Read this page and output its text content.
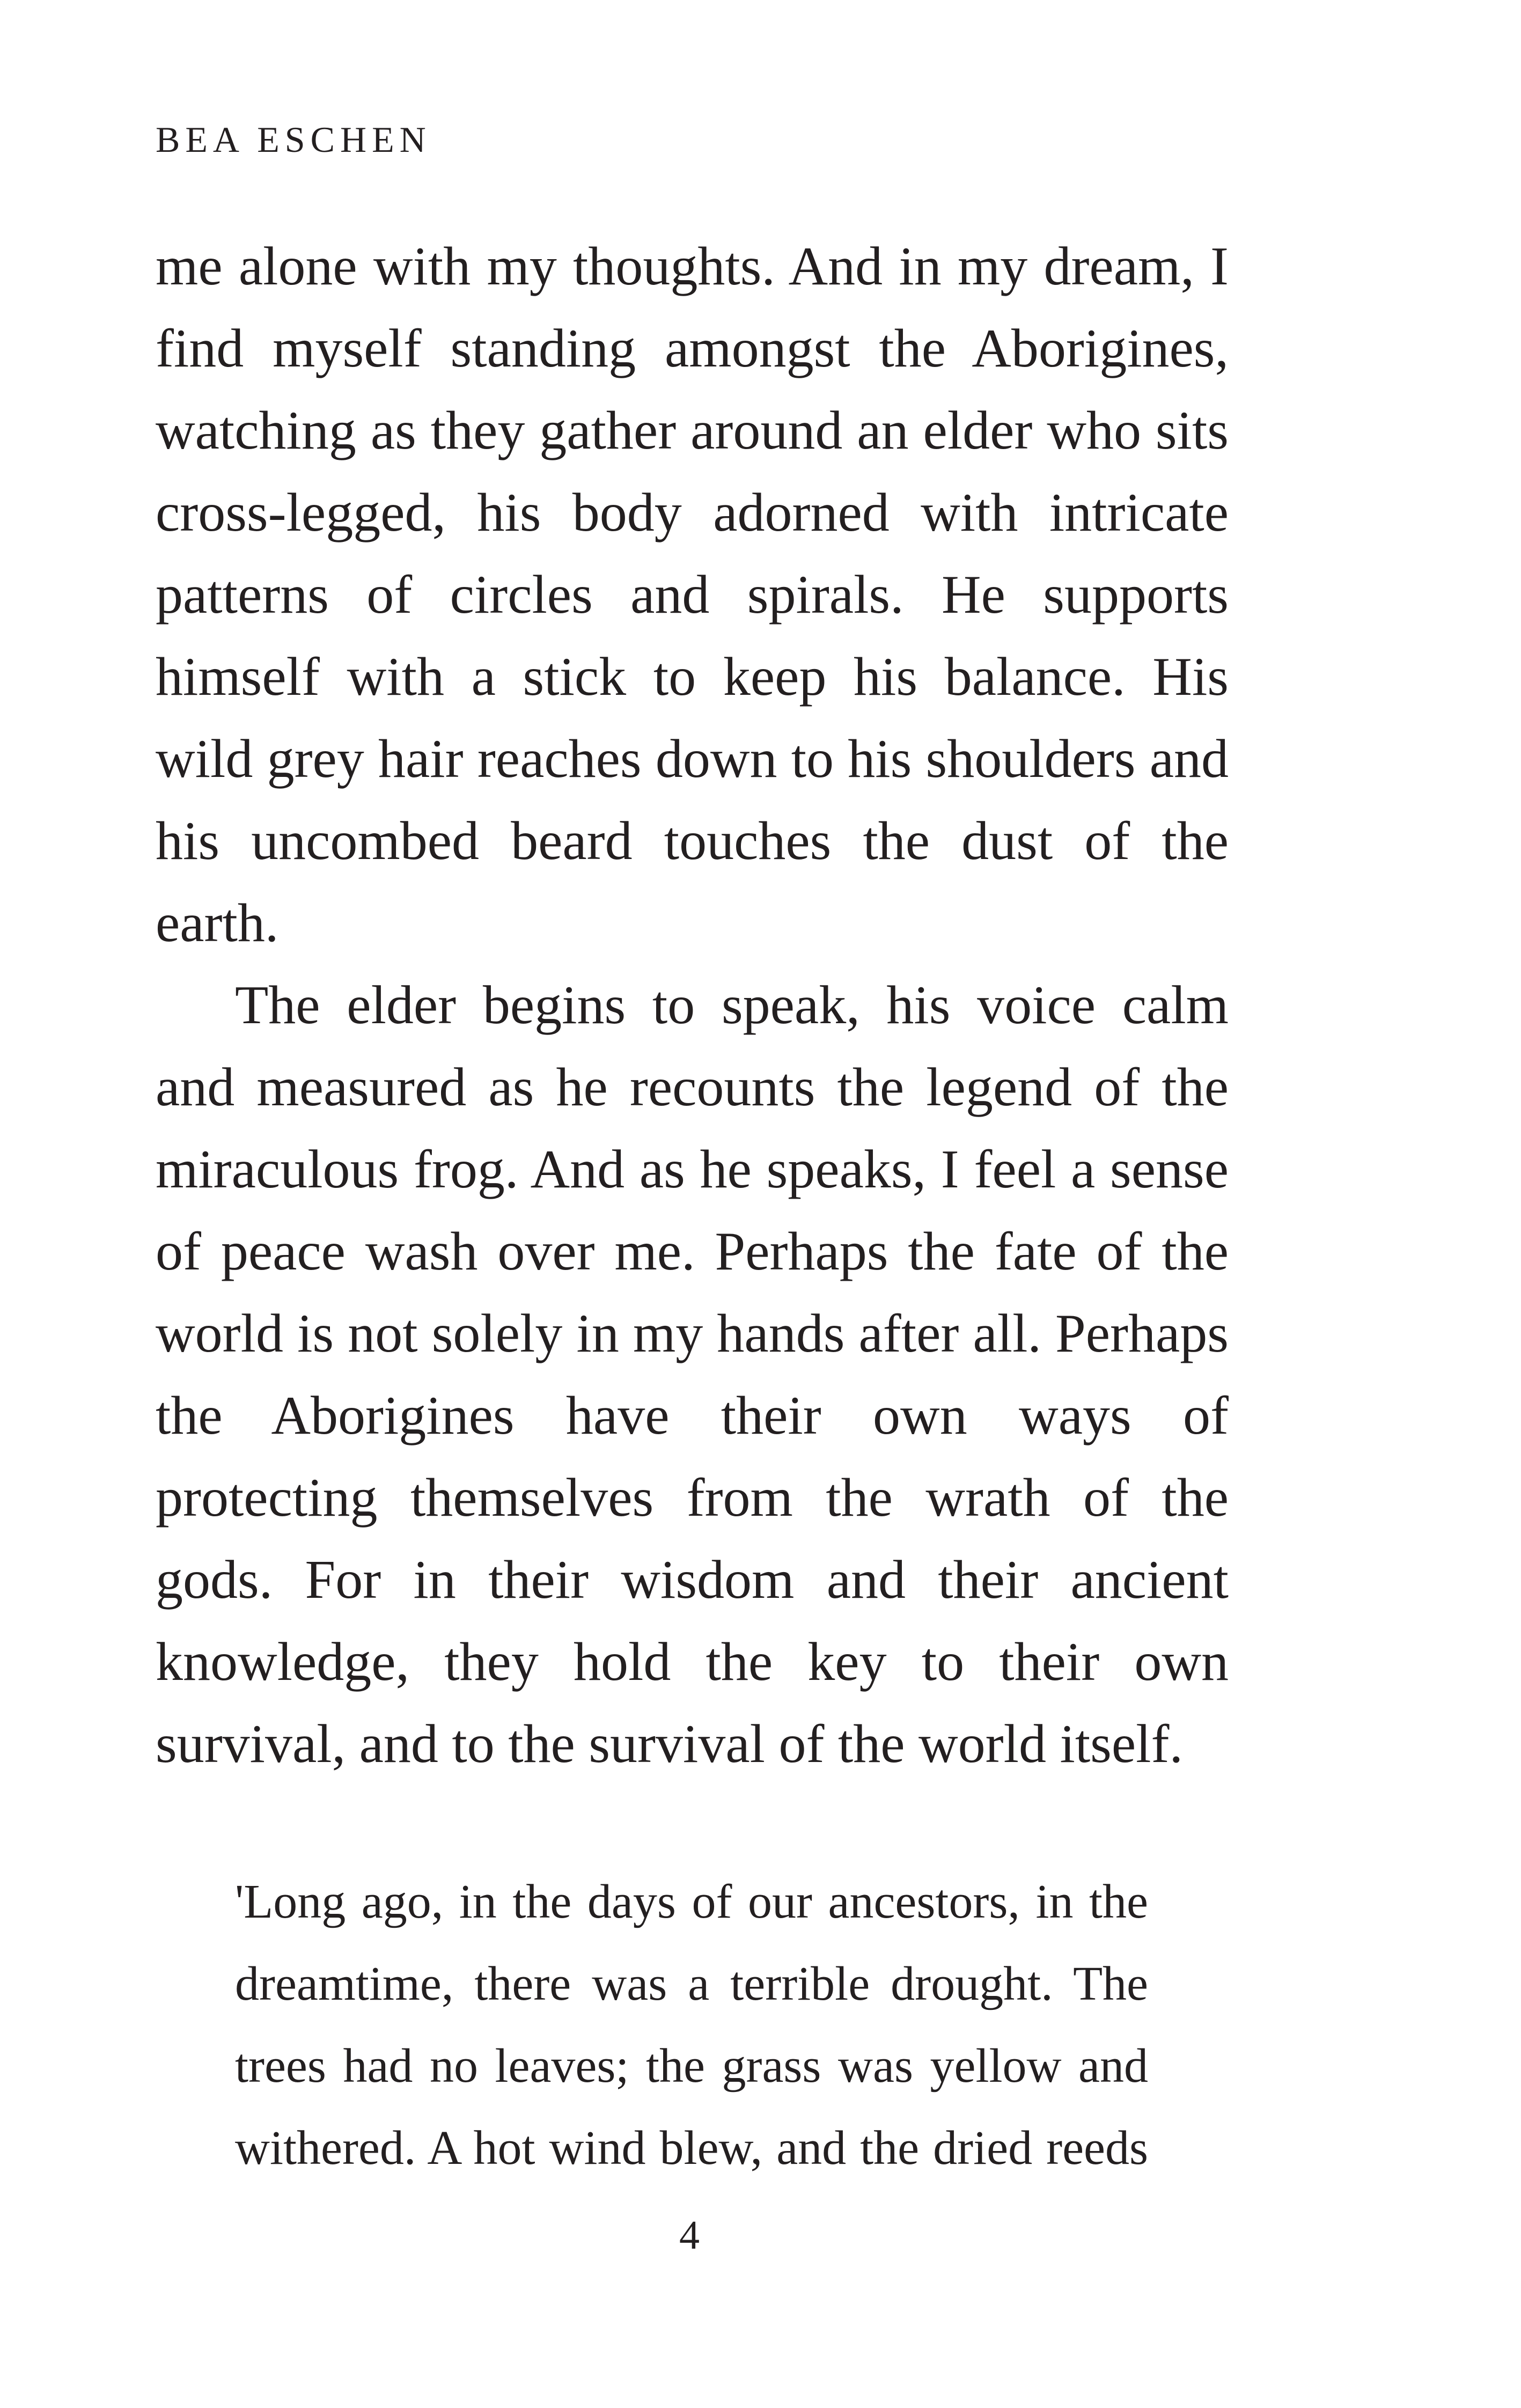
BEA ESCHEN

me alone with my thoughts. And in my dream, I find myself standing amongst the Aborigines, watching as they gather around an elder who sits cross-legged, his body adorned with intricate patterns of circles and spirals. He supports himself with a stick to keep his balance. His wild grey hair reaches down to his shoulders and his uncombed beard touches the dust of the earth.

The elder begins to speak, his voice calm and measured as he recounts the legend of the miraculous frog. And as he speaks, I feel a sense of peace wash over me. Perhaps the fate of the world is not solely in my hands after all. Perhaps the Aborigines have their own ways of protecting themselves from the wrath of the gods. For in their wisdom and their ancient knowledge, they hold the key to their own survival, and to the survival of the world itself.

'Long ago, in the days of our ancestors, in the dreamtime, there was a terrible drought. The trees had no leaves; the grass was yellow and withered. A hot wind blew, and the dried reeds

4
